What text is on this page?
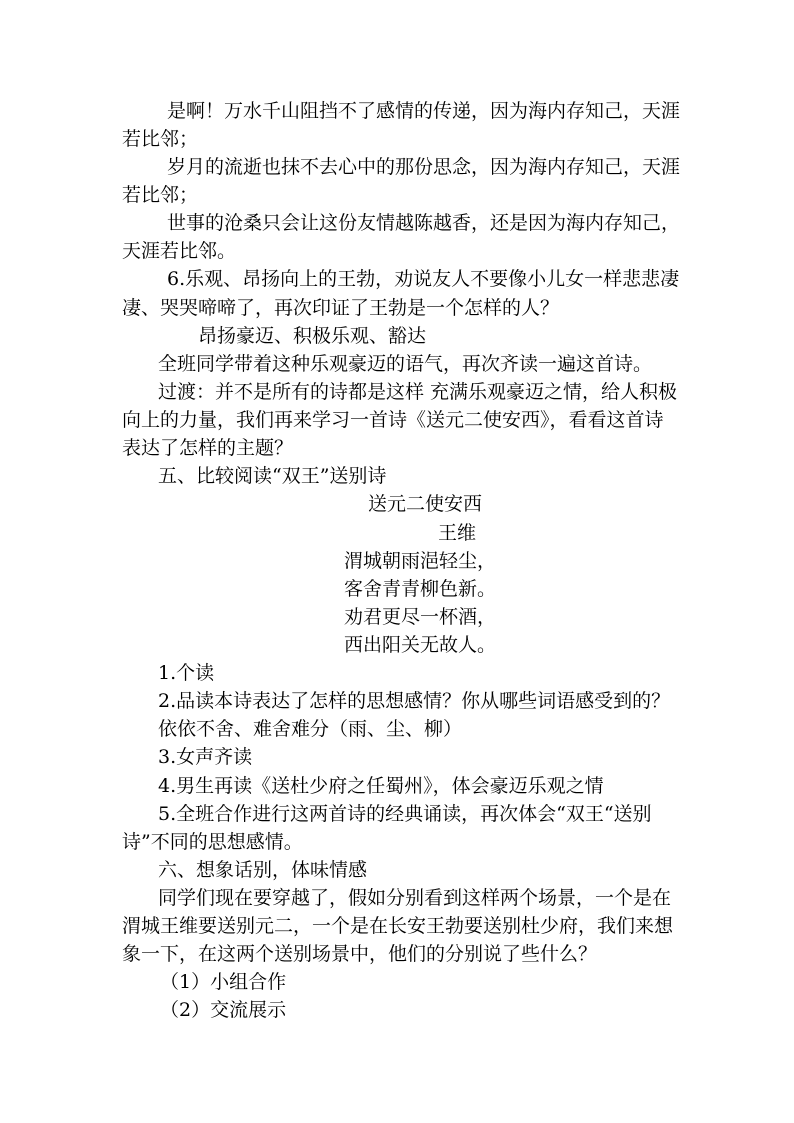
是啊！万水千山阻挡不了感情的传递，因为海内存知己，天涯
若比邻；
岁月的流逝也抹不去心中的那份思念，因为海内存知己，天涯
若比邻；
世事的沧桑只会让这份友情越陈越香，还是因为海内存知己，
天涯若比邻。
6.乐观、昂扬向上的王勃，劝说友人不要像小儿女一样悲悲凄
凄、哭哭啼啼了，再次印证了王勃是一个怎样的人？
昂扬豪迈、积极乐观、豁达
全班同学带着这种乐观豪迈的语气，再次齐读一遍这首诗。
过渡：并不是所有的诗都是这样 充满乐观豪迈之情，给人积极
向上的力量，我们再来学习一首诗《送元二使安西》，看看这首诗
表达了怎样的主题？
五、比较阅读“双王”送别诗
送元二使安西
王维
渭城朝雨浥轻尘，
客舍青青柳色新。
劝君更尽一杯酒，
西出阳关无故人。
1.个读
2.品读本诗表达了怎样的思想感情？你从哪些词语感受到的？
依依不舍、难舍难分（雨、尘、柳）
3.女声齐读
4.男生再读《送杜少府之任蜀州》，体会豪迈乐观之情
5.全班合作进行这两首诗的经典诵读，再次体会“双王“送别
诗”不同的思想感情。
六、想象话别，体味情感
同学们现在要穿越了，假如分别看到这样两个场景，一个是在
渭城王维要送别元二，一个是在长安王勃要送别杜少府，我们来想
象一下，在这两个送别场景中，他们的分别说了些什么？
（1）小组合作
（2）交流展示
